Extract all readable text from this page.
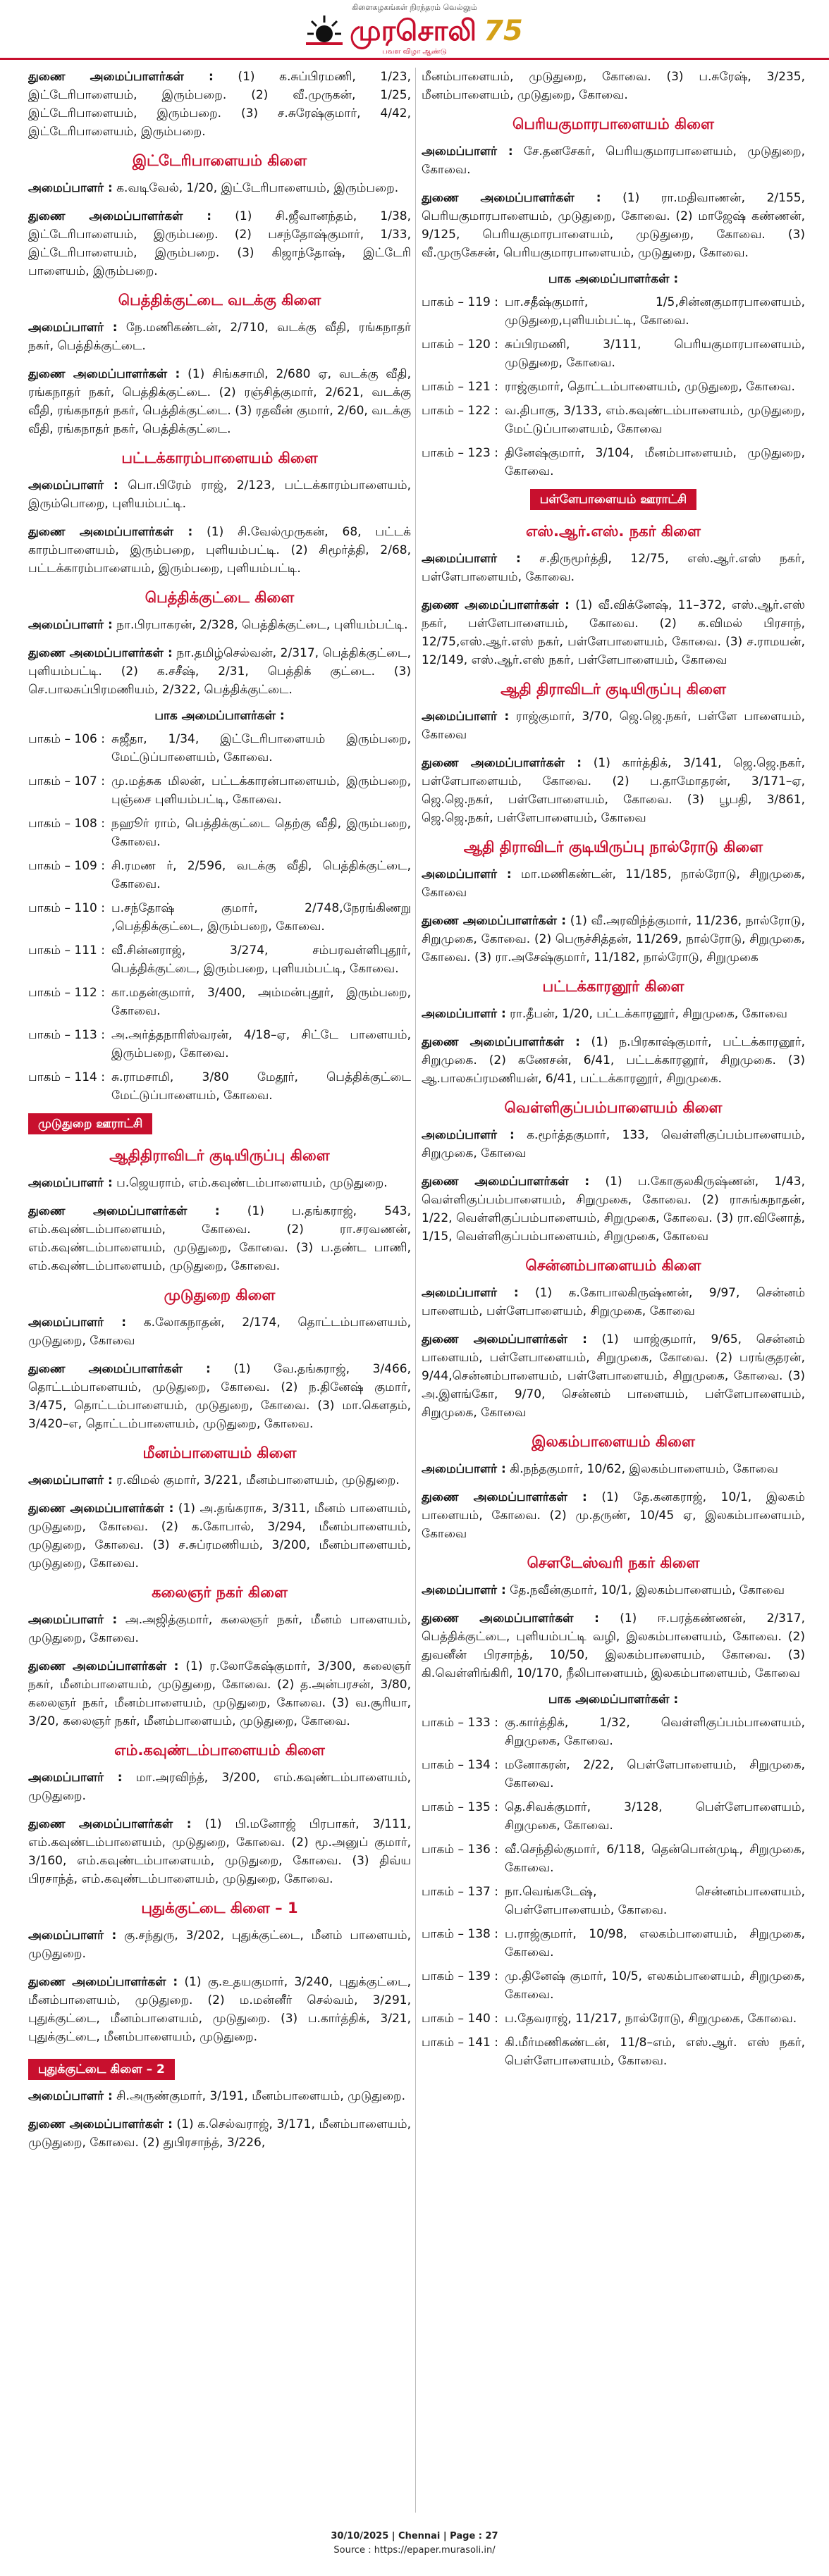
கிளைகழகங்கள் நிரந்தரம் வெல்லும்
முரசொலி 75
பவள விழா ஆண்டு

துணை அமைப்பாளர்கள் : (1) க.சுப்பிரமணி, 1/23, இட்டேரிபாளையம், இரும்பறை. (2) வீ.முருகன், 1/25, இட்டேரிபாளையம், இரும்பறை. (3) ச.சுரேஷ்குமார், 4/42, இட்டேரிபாளையம், இரும்பறை.

இட்டேரிபாளையம் கிளை

அமைப்பாளர் : க.வடிவேல், 1/20, இட்டேரிபாளையம், இரும்பறை.

துணை அமைப்பாளர்கள் : (1) சி.ஜீவானந்தம், 1/38, இட்டேரிபாளையம், இரும்பறை. (2) பசந்தோஷ்குமார், 1/33, இட்டேரிபாளையம், இரும்பறை. (3) கிஜாந்தோஷ், இட்டேரி பாளையம், இரும்பறை.

பெத்திக்குட்டை வடக்கு கிளை

அமைப்பாளர் : நே.மணிகண்டன், 2/710, வடக்கு வீதி, ரங்கநாதர் நகர், பெத்திக்குட்டை.

துணை அமைப்பாளர்கள் : (1) சிங்கசாமி, 2/680 ஏ, வடக்கு வீதி, ரங்கநாதர் நகர், பெத்திக்குட்டை. (2) ரஞ்சித்குமார், 2/621, வடக்கு வீதி, ரங்கநாதர் நகர், பெத்திக்குட்டை. (3) ரதவீன் குமார், 2/60, வடக்கு வீதி, ரங்கநாதர் நகர், பெத்திக்குட்டை.

பட்டக்காரம்பாளையம் கிளை

அமைப்பாளர் : பொ.பிரேம் ராஜ், 2/123, பட்டக்காரம்பாளையம், இரும்பொறை, புளியம்பட்டி.

துணை அமைப்பாளர்கள் : (1) சி.வேல்முருகன், 68, பட்டக் காரம்பாளையம், இரும்பறை, புளியம்பட்டி. (2) சிமூர்த்தி, 2/68, பட்டக்காரம்பாளையம், இரும்பறை, புளியம்பட்டி.

பெத்திக்குட்டை கிளை

அமைப்பாளர் : நா.பிரபாகரன், 2/328, பெத்திக்குட்டை, புளியம்பட்டி.

துணை அமைப்பாளர்கள் : நா.தமிழ்செல்வன், 2/317, பெத்திக்குட்டை, புளியம்பட்டி. (2) க.சசீஷ், 2/31, பெத்திக் குட்டை. (3) செ.பாலசுப்பிரமணியம், 2/322, பெத்திக்குட்டை.

பாக அமைப்பாளர்கள் :
பாகம் – 106 : சுஜீதா, 1/34, இட்டேரிபாளையம் இரும்பறை, மேட்டுப்பாளையம், கோவை.
பாகம் – 107 : மு.மத்சுக மிலன், பட்டக்காரன்பாளையம், இரும்பறை, புஞ்சை புளியம்பட்டி, கோவை.
பாகம் – 108 : நஹூர் ராம், பெத்திக்குட்டை தெற்கு வீதி, இரும்பறை, கோவை.
பாகம் – 109 : சி.ரமண ர், 2/596, வடக்கு வீதி, பெத்திக்குட்டை, கோவை.
பாகம் – 110 : ப.சந்தோஷ் குமார், 2/748,நேரங்கிணறு ,பெத்திக்குட்டை, இரும்பறை, கோவை.
பாகம் – 111 : வீ.சின்னராஜ், 3/274, சம்பரவள்ளிபுதூர், பெத்திக்குட்டை, இரும்பறை, புளியம்பட்டி, கோவை.
பாகம் – 112 : கா.மதன்குமார், 3/400, அம்மன்புதூர், இரும்பறை, கோவை.
பாகம் – 113 : அ.அர்த்தநாரிஸ்வரன், 4/18–ஏ, சிட்டே பாளையம், இரும்பறை, கோவை.
பாகம் – 114 : சு.ராமசாமி, 3/80 மேதூர், பெத்திக்குட்டை மேட்டுப்பாளையம், கோவை.
முடுதுறை ஊராட்சி
ஆதிதிராவிடர் குடியிருப்பு கிளை

அமைப்பாளர் : ப.ஜெயராம், எம்.கவுண்டம்பாளையம், முடுதுறை.

துணை அமைப்பாளர்கள் : (1) ப.தங்கராஜ், 543, எம்.கவுண்டம்பாளையம், கோவை. (2) ரா.சரவணன், எம்.கவுண்டம்பாளையம், முடுதுறை, கோவை. (3) ப.தண்ட பாணி, எம்.கவுண்டம்பாளையம், முடுதுறை, கோவை.

முடுதுறை கிளை

அமைப்பாளர் : க.லோகநாதன், 2/174, தொட்டம்பாளையம், முடுதுறை, கோவை

துணை அமைப்பாளர்கள் : (1) வே.தங்கராஜ், 3/466, தொட்டம்பாளையம், முடுதுறை, கோவை. (2) ந.தினேஷ் குமார், 3/475, தொட்டம்பாளையம், முடுதுறை, கோவை. (3) மா.கௌதம், 3/420–எ, தொட்டம்பாளையம், முடுதுறை, கோவை.

மீனம்பாளையம் கிளை

அமைப்பாளர் : ர.விமல் குமார், 3/221, மீனம்பாளையம், முடுதுறை.

துணை அமைப்பாளர்கள் : (1) அ.தங்கராசு, 3/311, மீனம் பாளையம், முடுதுறை, கோவை. (2) க.கோபால், 3/294, மீனம்பாளையம், முடுதுறை, கோவை. (3) ச.சுப்ரமணியம், 3/200, மீனம்பாளையம், முடுதுறை, கோவை.

கலைஞர் நகர் கிளை

அமைப்பாளர் : அ.அஜித்குமார், கலைஞர் நகர், மீனம் பாளையம், முடுதுறை, கோவை.

துணை அமைப்பாளர்கள் : (1) ர.லோகேஷ்குமார், 3/300, கலைஞர் நகர், மீனம்பாளையம், முடுதுறை, கோவை. (2) த.அன்பரசன், 3/80, கலைஞர் நகர், மீனம்பாளையம், முடுதுறை, கோவை. (3) வ.சூரியா, 3/20, கலைஞர் நகர், மீனம்பாளையம், முடுதுறை, கோவை.

எம்.கவுண்டம்பாளையம் கிளை

அமைப்பாளர் : மா.அரவிந்த், 3/200, எம்.கவுண்டம்பாளையம், முடுதுறை.

துணை அமைப்பாளர்கள் : (1) பி.மனோஜ் பிரபாகர், 3/111, எம்.கவுண்டம்பாளையம், முடுதுறை, கோவை. (2) மூ.அனுப் குமார், 3/160, எம்.கவுண்டம்பாளையம், முடுதுறை, கோவை. (3) திவ்ய பிரசாந்த், எம்.கவுண்டம்பாளையம், முடுதுறை, கோவை.

புதுக்குட்டை கிளை – 1

அமைப்பாளர் : கு.சந்துரு, 3/202, புதுக்குட்டை, மீனம் பாளையம், முடுதுறை.

துணை அமைப்பாளர்கள் : (1) கு.உதயகுமார், 3/240, புதுக்குட்டை, மீனம்பாளையம், முடுதுறை. (2) ம.மன்னீர் செல்வம், 3/291, புதுக்குட்டை, மீனம்பாளையம், முடுதுறை. (3) ப.கார்த்திக், 3/21, புதுக்குட்டை, மீனம்பாளையம், முடுதுறை.

புதுக்குட்டை கிளை – 2

அமைப்பாளர் : சி.அருண்குமார், 3/191, மீனம்பாளையம், முடுதுறை.

துணை அமைப்பாளர்கள் : (1) க.செல்வராஜ், 3/171, மீனம்பாளையம், முடுதுறை, கோவை. (2) துபிரசாந்த், 3/226,

மீனம்பாளையம், முடுதுறை, கோவை. (3) ப.சுரேஷ், 3/235, மீனம்பாளையம், முடுதுறை, கோவை.

பெரியகுமாரபாளையம் கிளை

அமைப்பாளர் : சே.தனசேகர், பெரியகுமாரபாளையம், முடுதுறை, கோவை.

துணை அமைப்பாளர்கள் : (1) ரா.மதிவாணன், 2/155, பெரியகுமாரபாளையம், முடுதுறை, கோவை. (2) மாஜேஷ் கண்ணன், 9/125, பெரியகுமாரபாளையம், முடுதுறை, கோவை. (3) வீ.முருகேசன், பெரியகுமாரபாளையம், முடுதுறை, கோவை.

பாக அமைப்பாளர்கள் :
பாகம் – 119 : பா.சதீஷ்குமார், 1/5,சின்னகுமாரபாளையம், முடுதுறை,புளியம்பட்டி, கோவை.
பாகம் – 120 : சுப்பிரமணி, 3/111, பெரியகுமாரபாளையம், முடுதுறை, கோவை.
பாகம் – 121 : ராஜ்குமார், தொட்டம்பாளையம், முடுதுறை, கோவை.
பாகம் – 122 : வ.திபாகு, 3/133, எம்.கவுண்டம்பாளையம், முடுதுறை, மேட்டுப்பாளையம், கோவை
பாகம் – 123 : தினேஷ்குமார், 3/104, மீனம்பாளையம், முடுதுறை, கோவை.
பள்ளேபாளையம் ஊராட்சி
எஸ்.ஆர்.எஸ். நகர் கிளை

அமைப்பாளர் : ச.திருமூர்த்தி, 12/75, எஸ்.ஆர்.எஸ் நகர், பள்ளேபாளையம், கோவை.

துணை அமைப்பாளர்கள் : (1) வீ.விக்னேஷ், 11–372, எஸ்.ஆர்.எஸ் நகர், பள்ளேபாளையம், கோவை. (2) க.விமல் பிரசாந், 12/75,எஸ்.ஆர்.எஸ் நகர், பள்ளேபாளையம், கோவை. (3) ச.ராமயன், 12/149, எஸ்.ஆர்.எஸ் நகர், பள்ளேபாளையம், கோவை

ஆதி திராவிடர் குடியிருப்பு கிளை

அமைப்பாளர் : ராஜ்குமார், 3/70, ஜெ.ஜெ.நகர், பள்ளே பாளையம், கோவை

துணை அமைப்பாளர்கள் : (1) கார்த்திக், 3/141, ஜெ.ஜெ.நகர், பள்ளேபாளையம், கோவை. (2) ப.தாமோதரன், 3/171–ஏ, ஜெ.ஜெ.நகர், பள்ளேபாளையம், கோவை. (3) பூபதி, 3/861, ஜெ.ஜெ.நகர், பள்ளேபாளையம், கோவை

ஆதி திராவிடர் குடியிருப்பு நால்ரோடு கிளை

அமைப்பாளர் : மா.மணிகண்டன், 11/185, நால்ரோடு, சிறுமுகை, கோவை

துணை அமைப்பாளர்கள் : (1) வீ.அரவிந்த்குமார், 11/236, நால்ரோடு, சிறுமுகை, கோவை. (2) பெருச்சித்தன், 11/269, நால்ரோடு, சிறுமுகை, கோவை. (3) ரா.அசேஷ்குமார், 11/182, நால்ரோடு, சிறுமுகை

பட்டக்காரனூர் கிளை

அமைப்பாளர் : ரா.தீபன், 1/20, பட்டக்காரனூர், சிறுமுகை, கோவை

துணை அமைப்பாளர்கள் : (1) ந.பிரகாஷ்குமார், பட்டக்காரனூர், சிறுமுகை. (2) கணேசன், 6/41, பட்டக்காரனூர், சிறுமுகை. (3) ஆ.பாலசுப்ரமணியன், 6/41, பட்டக்காரனூர், சிறுமுகை.

வெள்ளிகுப்பம்பாளையம் கிளை

அமைப்பாளர் : க.மூர்த்தகுமார், 133, வெள்ளிகுப்பம்பாளையம், சிறுமுகை, கோவை

துணை அமைப்பாளர்கள் : (1) ப.கோகுலகிருஷ்ணன், 1/43, வெள்ளிகுப்பம்பாளையம், சிறுமுகை, கோவை. (2) ராசுங்கநாதன், 1/22, வெள்ளிகுப்பம்பாளையம், சிறுமுகை, கோவை. (3) ரா.வினோத், 1/15, வெள்ளிகுப்பம்பாளையம், சிறுமுகை, கோவை

சென்னம்பாளையம் கிளை

அமைப்பாளர் : (1) க.கோபாலகிருஷ்ணன், 9/97, சென்னம் பாளையம், பள்ளேபாளையம், சிறுமுகை, கோவை

துணை அமைப்பாளர்கள் : (1) யாஜ்குமார், 9/65, சென்னம் பாளையம், பள்ளேபாளையம், சிறுமுகை, கோவை. (2) பரங்குதரன், 9/44,சென்னம்பாளையம், பள்ளேபாளையம், சிறுமுகை, கோவை. (3) அ.இளங்கோ, 9/70, சென்னம் பாளையம், பள்ளேபாளையம், சிறுமுகை, கோவை

இலகம்பாளையம் கிளை

அமைப்பாளர் : கி.நந்தகுமார், 10/62, இலகம்பாளையம், கோவை

துணை அமைப்பாளர்கள் : (1) தே.கனகராஜ், 10/1, இலகம் பாளையம், கோவை. (2) மு.தருண், 10/45 ஏ, இலகம்பாளையம், கோவை

சௌடேஸ்வரி நகர் கிளை

அமைப்பாளர் : தே.நவீன்குமார், 10/1, இலகம்பாளையம், கோவை

துணை அமைப்பாளர்கள் : (1) ஈ.பரத்கண்ணன், 2/317, பெத்திக்குட்டை, புளியம்பட்டி வழி, இலகம்பாளையம், கோவை. (2) துவனீன் பிரசாந்த், 10/50, இலகம்பாளையம், கோவை. (3) கி.வெள்ளிங்கிரி, 10/170, நீலிபாளையம், இலகம்பாளையம், கோவை

பாக அமைப்பாளர்கள் :
பாகம் – 133 : கு.கார்த்திக், 1/32, வெள்ளிகுப்பம்பாளையம், சிறுமுகை, கோவை.
பாகம் – 134 : மனோகரன், 2/22, பெள்ளேபாளையம், சிறுமுகை, கோவை.
பாகம் – 135 : தெ.சிவக்குமார், 3/128, பெள்ளேபாளையம், சிறுமுகை, கோவை.
பாகம் – 136 : வீ.செந்தில்குமார், 6/118, தென்பொன்முடி, சிறுமுகை, கோவை.
பாகம் – 137 : நா.வெங்கடேஷ், சென்னம்பாளையம், பெள்ளேபாளையம், கோவை.
பாகம் – 138 : ப.ராஜ்குமார், 10/98, எலகம்பாளையம், சிறுமுகை, கோவை.
பாகம் – 139 : மு.தினேஷ் குமார், 10/5, எலகம்பாளையம், சிறுமுகை, கோவை.
பாகம் – 140 : ப.தேவராஜ், 11/217, நால்ரோடு, சிறுமுகை, கோவை.
பாகம் – 141 : கி.மீர்மணிகண்டன், 11/8–எம், எஸ்.ஆர். எஸ் நகர், பெள்ளேபாளையம், கோவை.
30/10/2025 | Chennai | Page : 27
Source : https://epaper.murasoli.in/
